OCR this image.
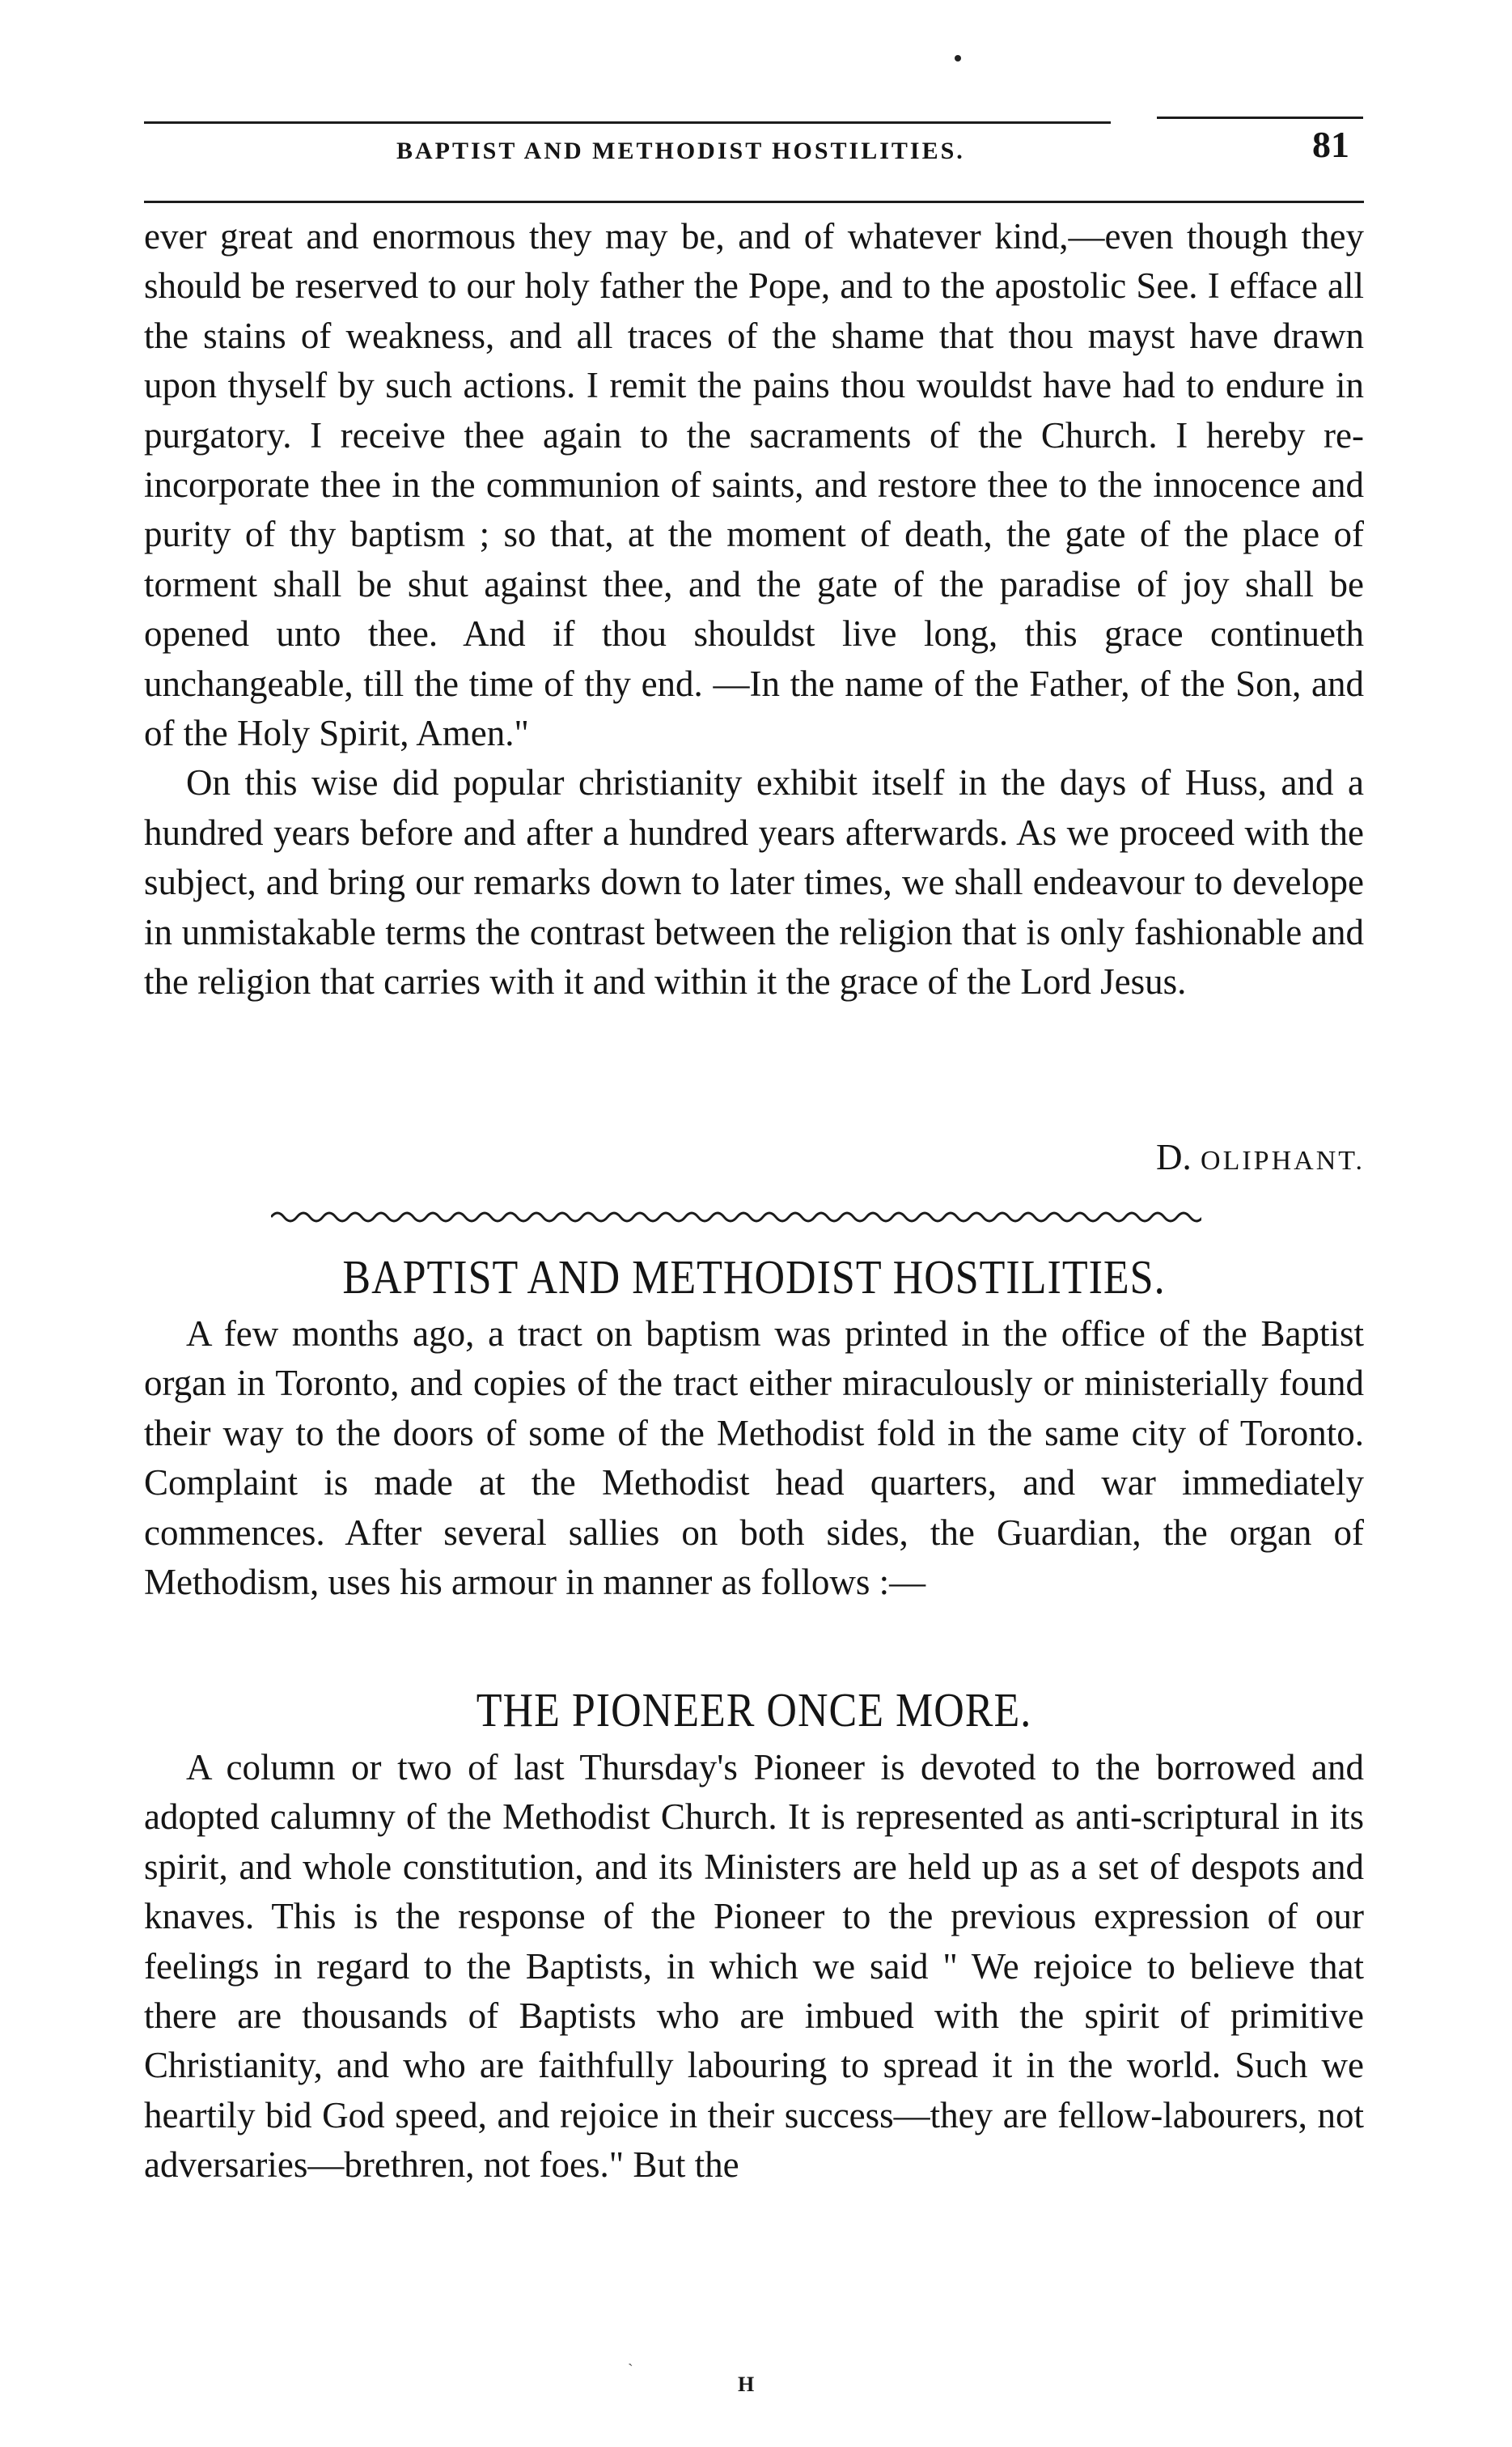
BAPTIST AND METHODIST HOSTILITIES.	81

ever great and enormous they may be, and of whatever kind,—even though they should be reserved to our holy father the Pope, and to the apostolic See. I efface all the stains of weakness, and all traces of the shame that thou mayst have drawn upon thyself by such actions. I remit the pains thou wouldst have had to endure in purgatory. I receive thee again to the sacraments of the Church. I hereby re-incorporate thee in the communion of saints, and restore thee to the innocence and purity of thy baptism ; so that, at the moment of death, the gate of the place of torment shall be shut against thee, and the gate of the paradise of joy shall be opened unto thee. And if thou shouldst live long, this grace continueth unchangeable, till the time of thy end. —In the name of the Father, of the Son, and of the Holy Spirit, Amen."

On this wise did popular christianity exhibit itself in the days of Huss, and a hundred years before and after a hundred years afterwards. As we proceed with the subject, and bring our remarks down to later times, we shall endeavour to develope in unmistakable terms the contrast between the religion that is only fashionable and the religion that carries with it and within it the grace of the Lord Jesus.

D. OLIPHANT.
BAPTIST AND METHODIST HOSTILITIES.

A few months ago, a tract on baptism was printed in the office of the Baptist organ in Toronto, and copies of the tract either miraculously or ministerially found their way to the doors of some of the Methodist fold in the same city of Toronto. Complaint is made at the Methodist head quarters, and war immediately commences. After several sallies on both sides, the Guardian, the organ of Methodism, uses his armour in manner as follows :—

THE PIONEER ONCE MORE.

A column or two of last Thursday's Pioneer is devoted to the borrowed and adopted calumny of the Methodist Church. It is represented as anti-scriptural in its spirit, and whole constitution, and its Ministers are held up as a set of despots and knaves. This is the response of the Pioneer to the previous expression of our feelings in regard to the Baptists, in which we said " We rejoice to believe that there are thousands of Baptists who are imbued with the spirit of primitive Christianity, and who are faithfully labouring to spread it in the world. Such we heartily bid God speed, and rejoice in their success—they are fellow-labourers, not adversaries—brethren, not foes." But the

`
H
